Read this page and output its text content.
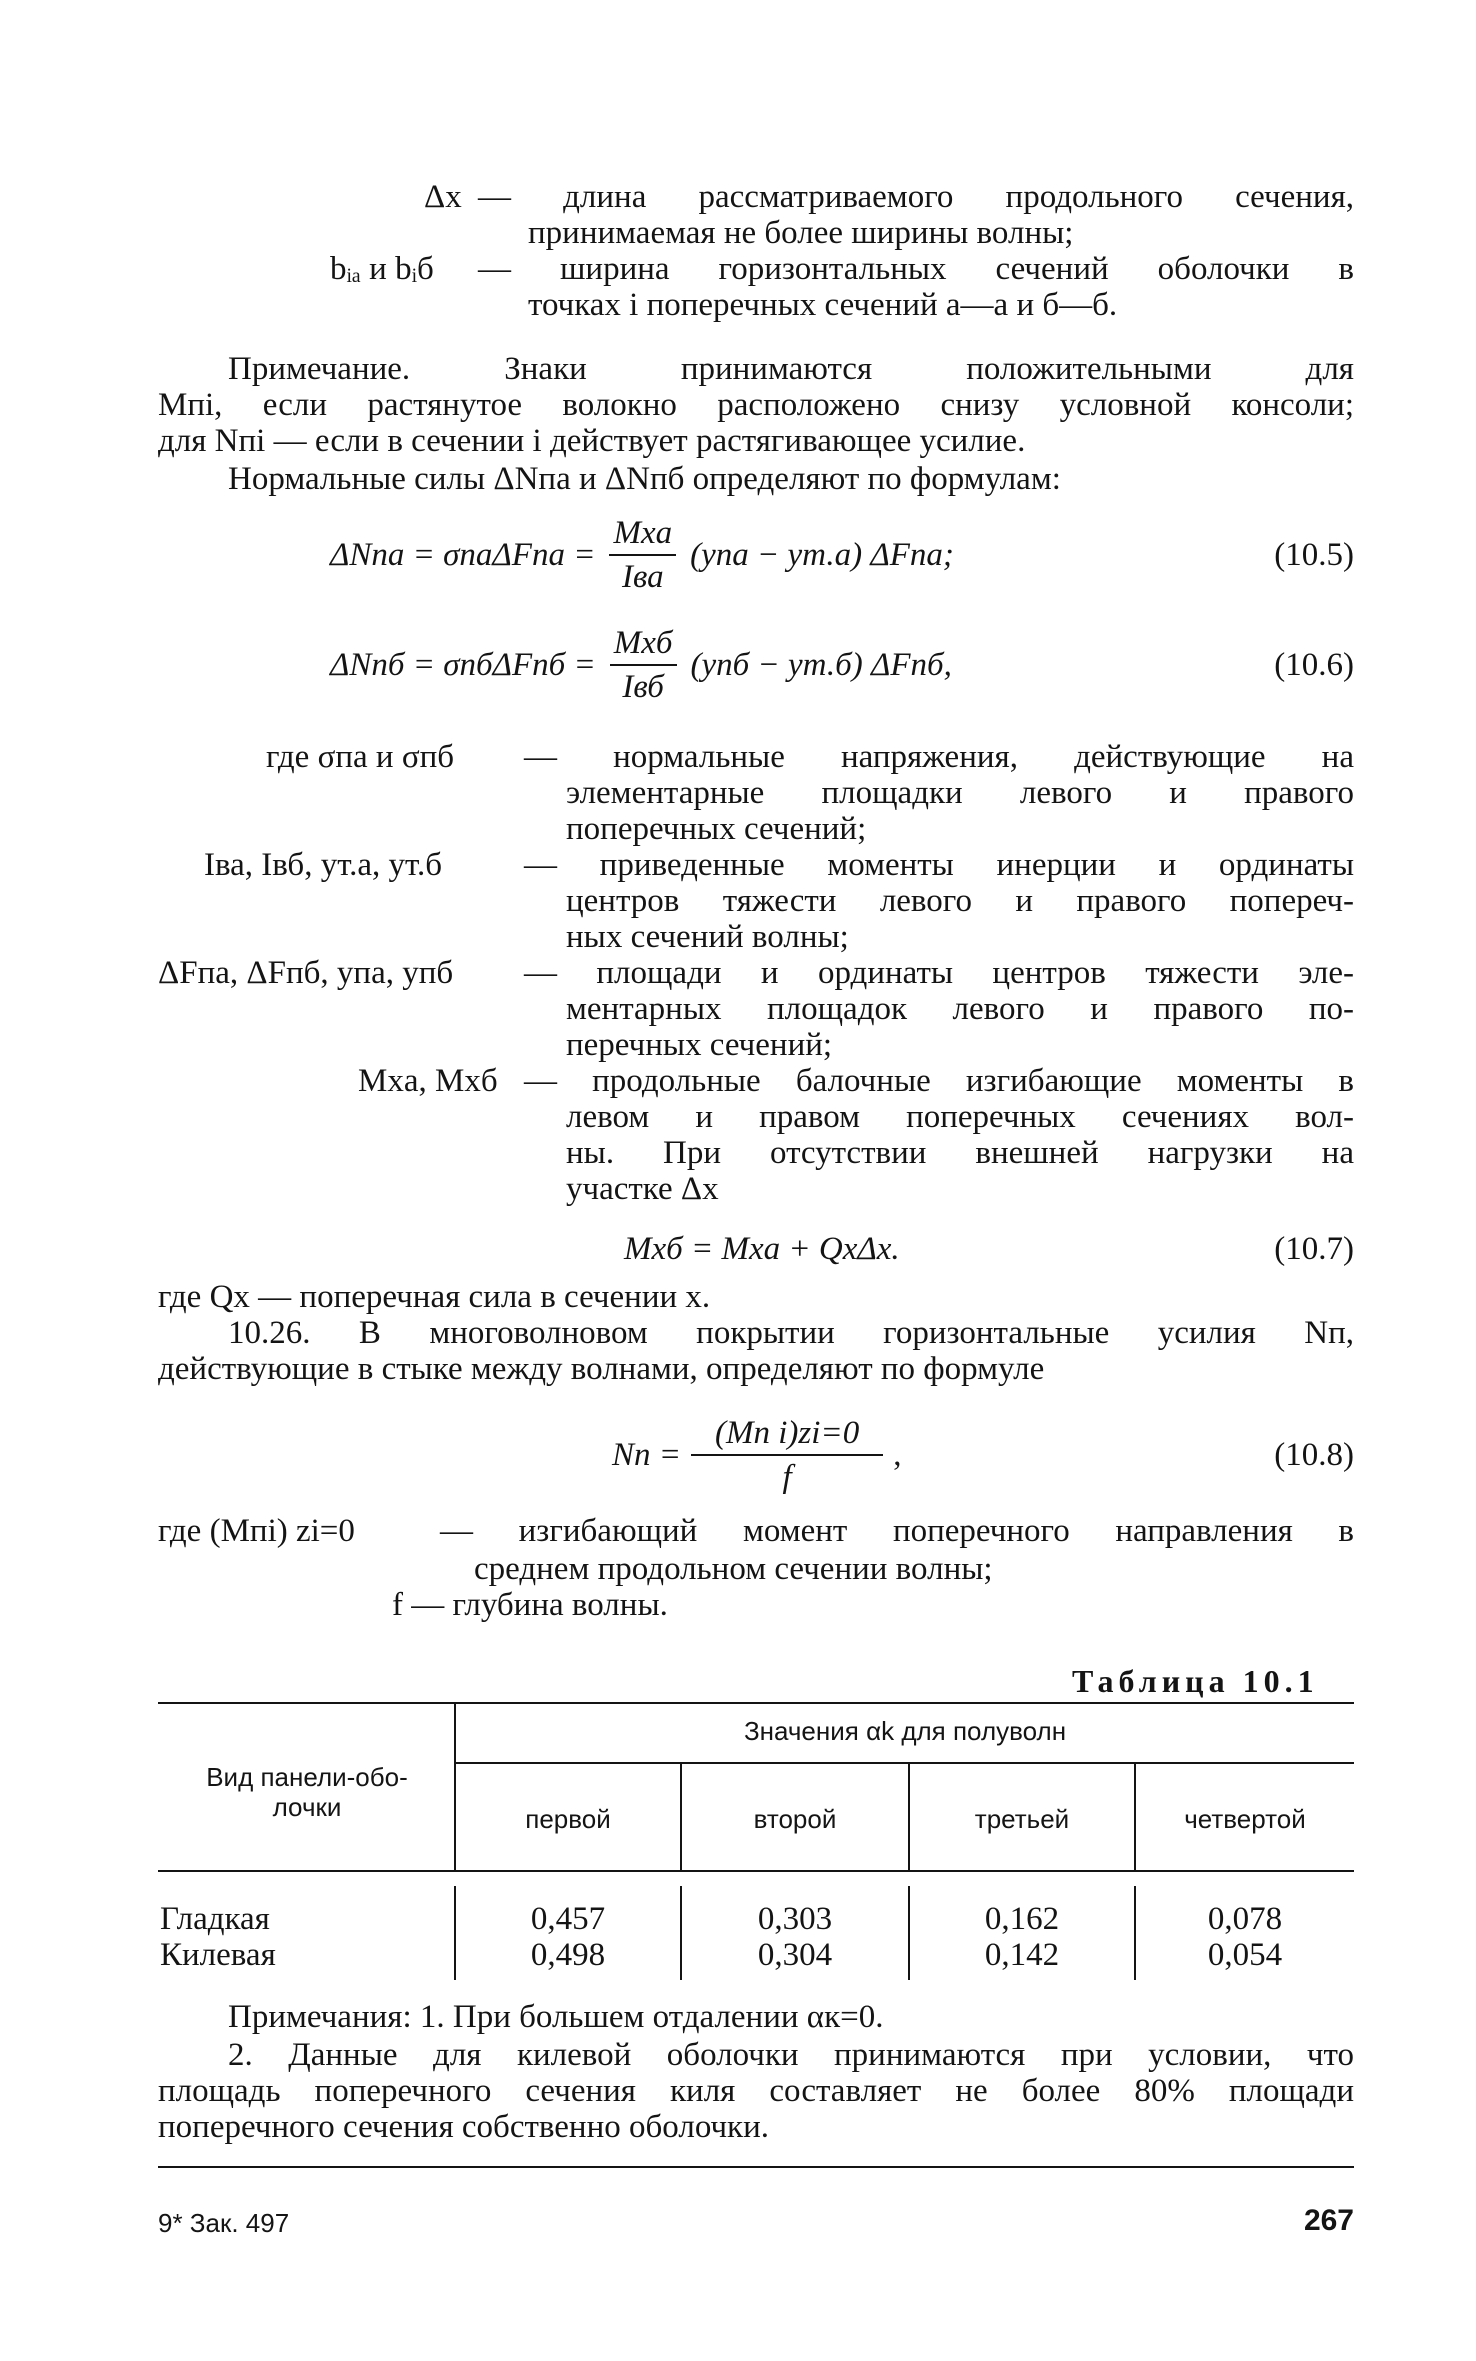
Δx — длина рассматриваемого продольного сечения,
принимаемая не более ширины волны;
bᵢₐ и bᵢб — ширина горизонтальных сечений оболочки в
точках i поперечных сечений а—а и б—б.
Примечание. Знаки принимаются положительными для
Mпi, если растянутое волокно расположено снизу условной консоли;
для Nпi — если в сечении i действует растягивающее усилие.
Нормальные силы ΔNпа и ΔNпб определяют по формулам:
$\Delta Nпа = \sigma па\Delta Fпа = \frac{\text{Mxа}}{\text{Iва}} (yпа - yт.а)$ ΔFпа;	(10.5)
$\Delta Nпб = \sigma пб\Delta Fпб = \frac{\text{Mxб}}{\text{Iвб}} (yпб - yт.б)$ ΔFпб,	(10.6)
где σпа и σпб — нормальные напряжения, действующие на
элементарные площадки левого и правого
поперечных сечений;
Iва, Iвб, yт.а, yт.б — приведенные моменты инерции и ординаты
центров тяжести левого и правого попереч-
ных сечений волны;
ΔFпа, ΔFпб, yпа, yпб — площади и ординаты центров тяжести эле-
ментарных площадок левого и правого по-
перечных сечений;
Mxа, Mxб — продольные балочные изгибающие моменты в
левом и правом поперечных сечениях вол-
ны. При отсутствии внешней нагрузки на
участке Δx
Mxб = Mxа + QxΔx.	(10.7)
где Qx — поперечная сила в сечении x.
10.26. В многоволновом покрытии горизонтальные усилия Nп,
действующие в стыке между волнами, определяют по формуле
Nп = $\frac{\text{(Mп i)zi=0}}{f}$ ,	(10.8)
где (Mпi) zi=0	— изгибающий момент поперечного направления в
среднем продольном сечении волны;
f — глубина волны.
Таблица 10.1
Вид панели-обо-
лочки
Значения αk для полуволн
первой	второй	третьей	четвертой
Гладкая	0,457	0,303	0,162	0,078
Килевая	0,498	0,304	0,142	0,054
Примечания: 1. При большем отдалении αк=0.
2. Данные для килевой оболочки принимаются при условии, что
площадь поперечного сечения киля составляет не более 80% площади
поперечного сечения собственно оболочки.
9* Зак. 497	267
